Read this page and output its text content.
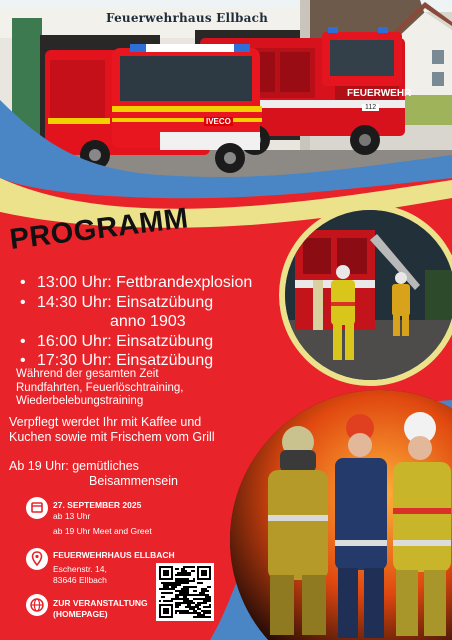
Feuerwehrhaus Ellbach
IVECO
FEUERWEHR
112
PROGRAMM
• 13:00 Uhr: Fettbrandexplosion
• 14:30 Uhr: Einsatzübung
anno 1903
• 16:00 Uhr: Einsatzübung
• 17:30 Uhr: Einsatzübung
Während der gesamten Zeit
Rundfahrten, Feuerlöschtraining,
Wiederbelebungstraining
Verpflegt werdet Ihr mit Kaffee und
Kuchen sowie mit Frischem vom Grill
Ab 19 Uhr: gemütliches
Beisammensein
27. SEPTEMBER 2025
ab 13 Uhr
ab 19 Uhr Meet and Greet
FEUERWEHRHAUS ELLBACH
Eschenstr. 14,
83646 Ellbach
ZUR VERANSTALTUNG
(HOMEPAGE)
